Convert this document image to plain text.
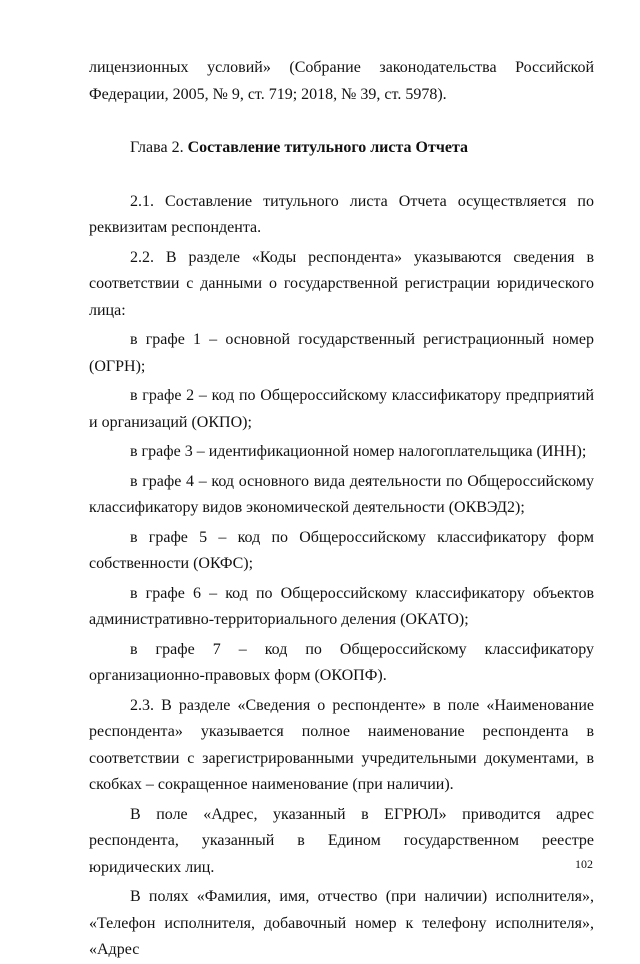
лицензионных условий» (Собрание законодательства Российской Федерации, 2005, № 9, ст. 719; 2018, № 39, ст. 5978).

Глава 2. Составление титульного листа Отчета

2.1. Составление титульного листа Отчета осуществляется по реквизитам респондента.

2.2. В разделе «Коды респондента» указываются сведения в соответствии с данными о государственной регистрации юридического лица:

в графе 1 – основной государственный регистрационный номер (ОГРН);

в графе 2 – код по Общероссийскому классификатору предприятий и организаций (ОКПО);

в графе 3 – идентификационной номер налогоплательщика (ИНН);

в графе 4 – код основного вида деятельности по Общероссийскому классификатору видов экономической деятельности (ОКВЭД2);

в графе 5 – код по Общероссийскому классификатору форм собственности (ОКФС);

в графе 6 – код по Общероссийскому классификатору объектов административно-территориального деления (ОКАТО);

в графе 7 – код по Общероссийскому классификатору организационно-правовых форм (ОКОПФ).

2.3. В разделе «Сведения о респонденте» в поле «Наименование респондента» указывается полное наименование респондента в соответствии с зарегистрированными учредительными документами, в скобках – сокращенное наименование (при наличии).

В поле «Адрес, указанный в ЕГРЮЛ» приводится адрес респондента, указанный в Едином государственном реестре юридических лиц.

В полях «Фамилия, имя, отчество (при наличии) исполнителя», «Телефон исполнителя, добавочный номер к телефону исполнителя», «Адрес

102
